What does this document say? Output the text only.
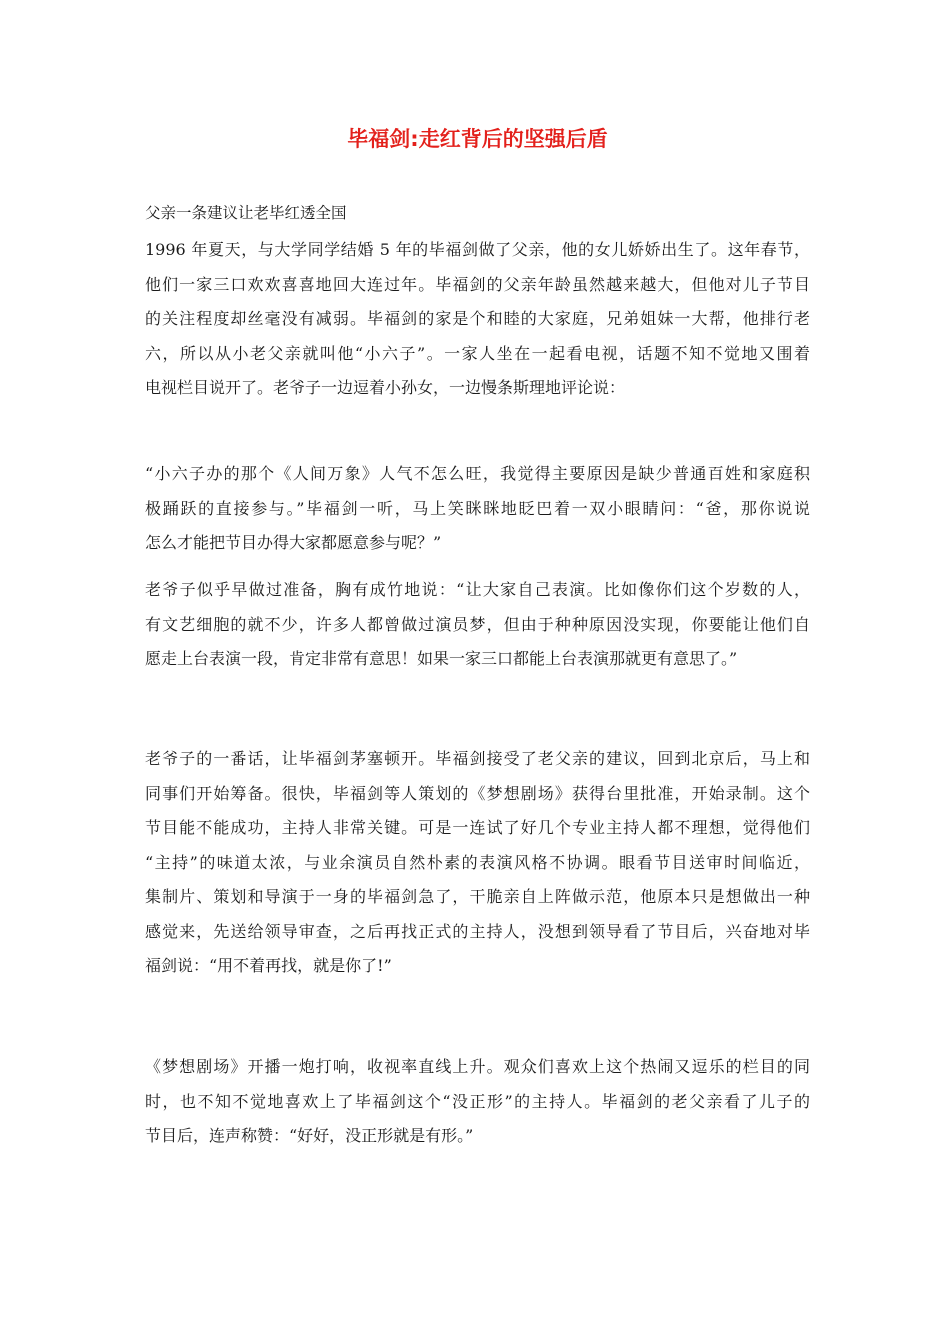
毕福剑:走红背后的坚强后盾

父亲一条建议让老毕红透全国

1996 年夏天，与大学同学结婚 5 年的毕福剑做了父亲，他的女儿娇娇出生了。这年春节，
他们一家三口欢欢喜喜地回大连过年。毕福剑的父亲年龄虽然越来越大，但他对儿子节目
的关注程度却丝毫没有减弱。毕福剑的家是个和睦的大家庭，兄弟姐妹一大帮，他排行老
六，所以从小老父亲就叫他“小六子”。一家人坐在一起看电视，话题不知不觉地又围着
电视栏目说开了。老爷子一边逗着小孙女，一边慢条斯理地评论说：

“小六子办的那个《人间万象》人气不怎么旺，我觉得主要原因是缺少普通百姓和家庭积
极踊跃的直接参与。”毕福剑一听，马上笑眯眯地眨巴着一双小眼睛问：“爸，那你说说
怎么才能把节目办得大家都愿意参与呢？”

老爷子似乎早做过准备，胸有成竹地说：“让大家自己表演。比如像你们这个岁数的人，
有文艺细胞的就不少，许多人都曾做过演员梦，但由于种种原因没实现，你要能让他们自
愿走上台表演一段，肯定非常有意思！如果一家三口都能上台表演那就更有意思了。”

老爷子的一番话，让毕福剑茅塞顿开。毕福剑接受了老父亲的建议，回到北京后，马上和
同事们开始筹备。很快，毕福剑等人策划的《梦想剧场》获得台里批准，开始录制。这个
节目能不能成功，主持人非常关键。可是一连试了好几个专业主持人都不理想，觉得他们
“主持”的味道太浓，与业余演员自然朴素的表演风格不协调。眼看节目送审时间临近，
集制片、策划和导演于一身的毕福剑急了，干脆亲自上阵做示范，他原本只是想做出一种
感觉来，先送给领导审查，之后再找正式的主持人，没想到领导看了节目后，兴奋地对毕
福剑说：“用不着再找，就是你了!”

《梦想剧场》开播一炮打响，收视率直线上升。观众们喜欢上这个热闹又逗乐的栏目的同
时，也不知不觉地喜欢上了毕福剑这个“没正形”的主持人。毕福剑的老父亲看了儿子的
节目后，连声称赞：“好好，没正形就是有形。”
